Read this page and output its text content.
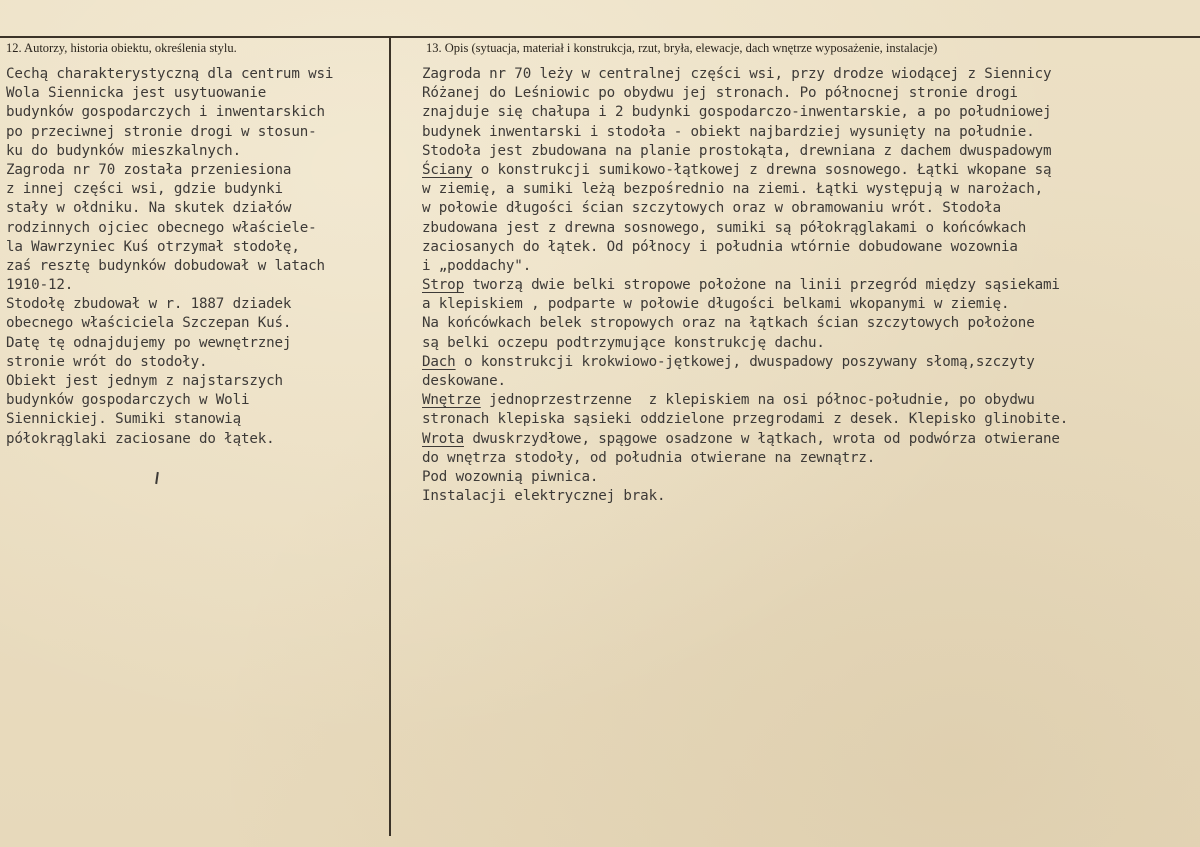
12. Autorzy, historia obiektu, określenia stylu.	13. Opis (sytuacja, materiał i konstrukcja, rzut, bryła, elewacje, dach wnętrze wyposażenie, instalacje)
Cechą charakterystyczną dla centrum wsi
Wola Siennicka jest usytuowanie
budynków gospodarczych i inwentarskich
po przeciwnej stronie drogi w stosun-
ku do budynków mieszkalnych.
Zagroda nr 70 została przeniesiona
z innej części wsi, gdzie budynki
stały w ołdniku. Na skutek działów
rodzinnych ojciec obecnego właściele-
la Wawrzyniec Kuś otrzymał stodołę,
zaś resztę budynków dobudował w latach
1910-12.
Stodołę zbudował w r. 1887 dziadek
obecnego właściciela Szczepan Kuś.
Datę tę odnajdujemy po wewnętrznej
stronie wrót do stodoły.
Obiekt jest jednym z najstarszych
budynków gospodarczych w Woli
Siennickiej. Sumiki stanowią
półokrąglaki zaciosane do łątek.
Zagroda nr 70 leży w centralnej części wsi, przy drodze wiodącej z Siennicy
Różanej do Leśniowic po obydwu jej stronach. Po północnej stronie drogi
znajduje się chałupa i 2 budynki gospodarczo-inwentarskie, a po południowej
budynek inwentarski i stodoła - obiekt najbardziej wysunięty na południe.
Stodoła jest zbudowana na planie prostokąta, drewniana z dachem dwuspadowym
Ściany o konstrukcji sumikowo-łątkowej z drewna sosnowego. Łątki wkopane są
w ziemię, a sumiki leżą bezpośrednio na ziemi. Łątki występują w narożach,
w połowie długości ścian szczytowych oraz w obramowaniu wrót. Stodoła
zbudowana jest z drewna sosnowego, sumiki są półokrąglakami o końcówkach
zaciosanych do łątek. Od północy i południa wtórnie dobudowane wozownia
i „poddachy".
Strop tworzą dwie belki stropowe położone na linii przegród między sąsiekami
a klepiskiem , podparte w połowie długości belkami wkopanymi w ziemię.
Na końcówkach belek stropowych oraz na łątkach ścian szczytowych położone
są belki oczepu podtrzymujące konstrukcję dachu.
Dach o konstrukcji krokwiowo-jętkowej, dwuspadowy poszywany słomą,szczyty
deskowane.
Wnętrze jednoprzestrzenne  z klepiskiem na osi północ-południe, po obydwu
stronach klepiska sąsieki oddzielone przegrodami z desek. Klepisko glinobite.
Wrota dwuskrzydłowe, spągowe osadzone w łątkach, wrota od podwórza otwierane
do wnętrza stodoły, od południa otwierane na zewnątrz.
Pod wozownią piwnica.
Instalacji elektrycznej brak.
